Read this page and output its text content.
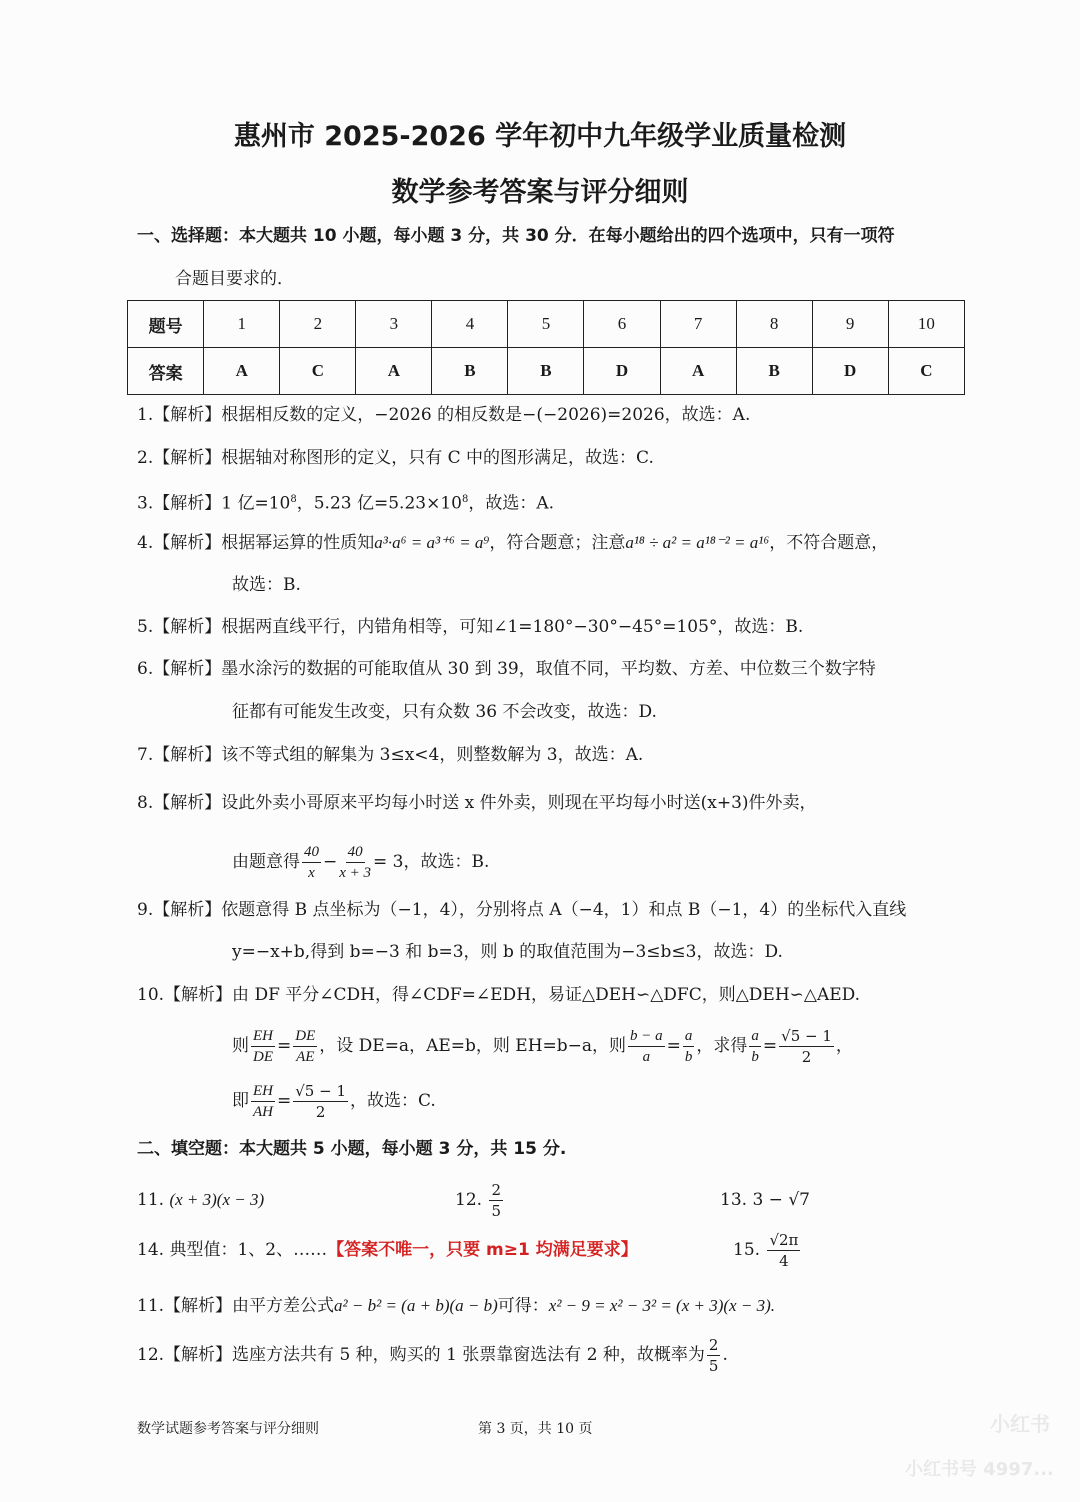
惠州市 2025-2026 学年初中九年级学业质量检测
数学参考答案与评分细则
一、选择题：本大题共 10 小题，每小题 3 分，共 30 分．在每小题给出的四个选项中，只有一项符
合题目要求的．
题号	1	2	3	4	5	6	7	8	9	10
答案	A	C	A	B	B	D	A	B	D	C
1.【解析】根据相反数的定义，−2026 的相反数是−(−2026)=2026，故选：A.
2.【解析】根据轴对称图形的定义，只有 C 中的图形满足，故选：C.
3.【解析】1 亿$=10^8$，5.23 亿$=5.23\times 10^8$，故选：A.
4.【解析】根据幂运算的性质知a³·a⁶ = a³⁺⁶ = a⁹，符合题意；注意a¹⁸ ÷ a² = a¹⁸⁻² = a¹⁶，不符合题意，
故选：B.
5.【解析】根据两直线平行，内错角相等，可知∠1=180°−30°−45°=105°，故选：B.
6.【解析】墨水涂污的数据的可能取值从 30 到 39，取值不同，平均数、方差、中位数三个数字特
征都有可能发生改变，只有众数 36 不会改变，故选：D.
7.【解析】该不等式组的解集为 3≤x<4，则整数解为 3，故选：A.
8.【解析】设此外卖小哥原来平均每小时送 x 件外卖，则现在平均每小时送(x+3)件外卖，
由题意得 $\frac{40}{x} - \frac{40}{x + 3} = 3$，故选：B.
9.【解析】依题意得 B 点坐标为（−1，4），分别将点 A（−4，1）和点 B（−1，4）的坐标代入直线
y=−x+b,得到 b=−3 和 b=3，则 b 的取值范围为−3≤b≤3，故选：D.
10.【解析】由 DF 平分∠CDH，得∠CDF=∠EDH，易证△DEH∽△DFC，则△DEH∽△AED.
则 $\frac{EH}{DE} = \frac{DE}{AE}$ ，设 DE=a，AE=b，则 EH=b−a，则 $\frac{b - a}{a} = \frac{a}{b}$ ，求得 $\frac{a}{b} = \frac{√5 - 1}{2}$ ，
即 $\frac{EH}{AH} = \frac{√5 - 1}{2}$ ，故选：C.
二、填空题：本大题共 5 小题，每小题 3 分，共 15 分.
11. (x + 3)(x − 3)	12. $\frac{2}{5}$	13. 3 − √7
14. 典型值：1、2、……【答案不唯一，只要 m≥1 均满足要求】	15. $\frac{√2\pi}{4}$
11.【解析】由平方差公式a² − b² = (a + b)(a − b)可得：x² − 9 = x² − 3² = (x + 3)(x − 3).
12.【解析】选座方法共有 5 种，购买的 1 张票靠窗选法有 2 种，故概率为 $\frac{2}{5}$ .
数学试题参考答案与评分细则	第 3 页，共 10 页	小红书
小红书号 4997...
